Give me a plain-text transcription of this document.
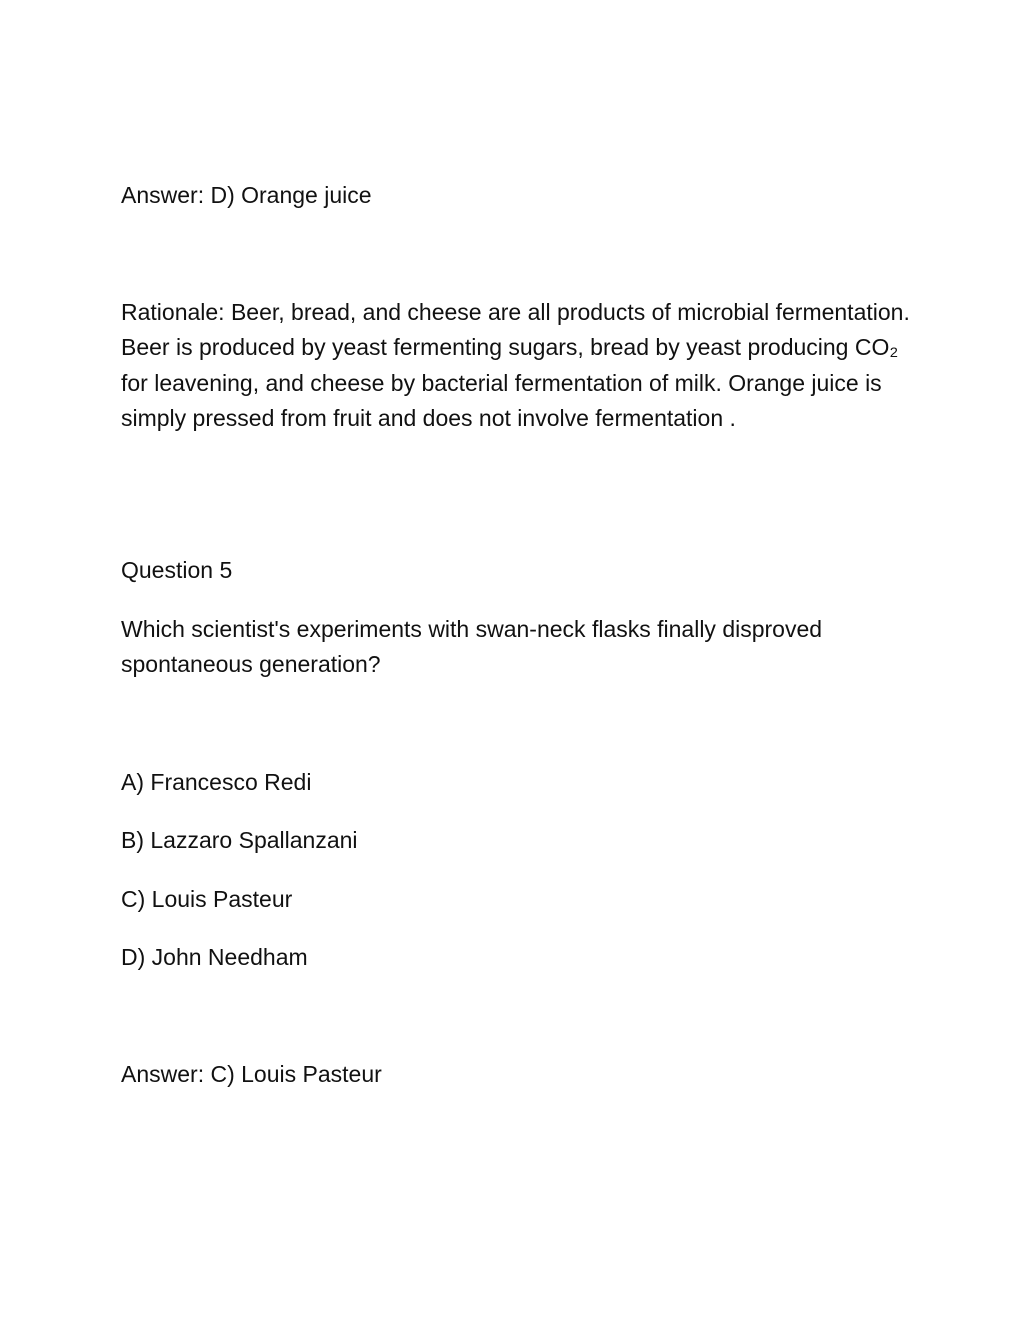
Answer: D) Orange juice

Rationale: Beer, bread, and cheese are all products of microbial fermentation. Beer is produced by yeast fermenting sugars, bread by yeast producing CO₂ for leavening, and cheese by bacterial fermentation of milk. Orange juice is simply pressed from fruit and does not involve fermentation .

Question 5

Which scientist's experiments with swan-neck flasks finally disproved spontaneous generation?

A) Francesco Redi

B) Lazzaro Spallanzani

C) Louis Pasteur

D) John Needham

Answer: C) Louis Pasteur
